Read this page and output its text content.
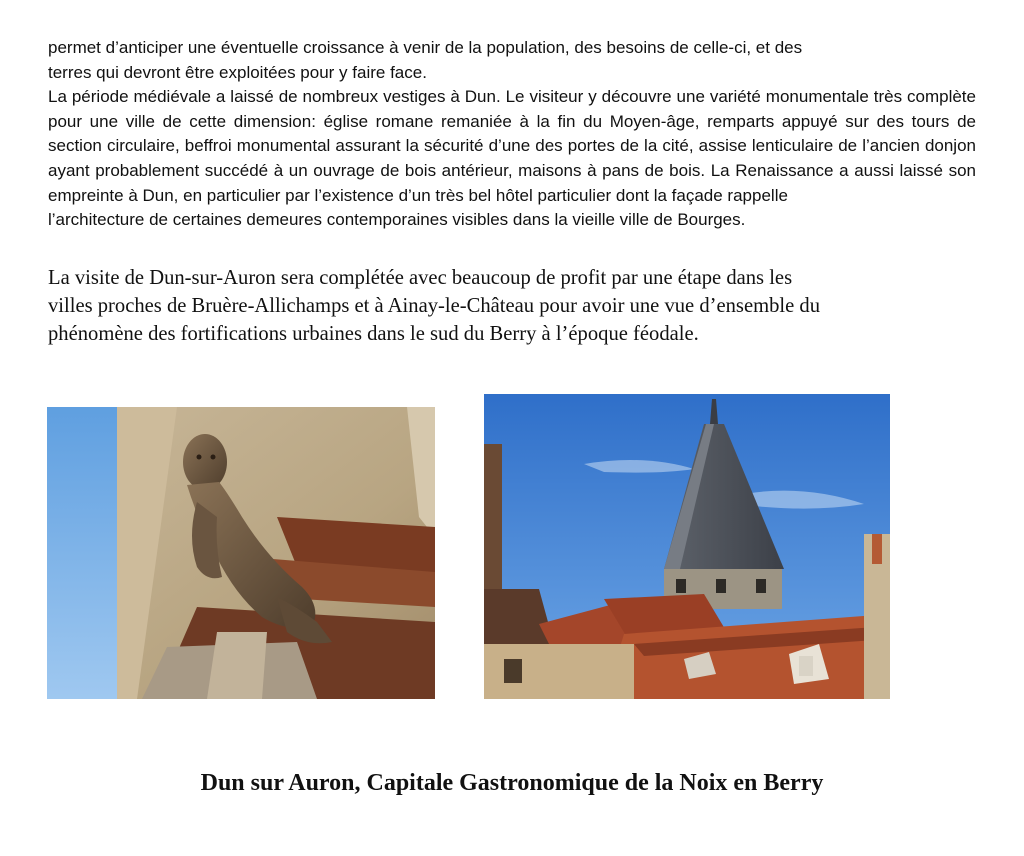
permet d’anticiper une éventuelle croissance à venir de la population, des besoins de celle-ci, et des
terres qui devront être exploitées pour y faire face.

La période médiévale a laissé de nombreux vestiges à Dun. Le visiteur y découvre une variété monumentale très complète pour une ville de cette dimension: église romane remaniée à la fin du Moyen-âge, remparts appuyé sur des tours de section circulaire, beffroi monumental assurant la sécurité d’une des portes de la cité, assise lenticulaire de l’ancien donjon ayant probablement succédé à un ouvrage de bois antérieur, maisons à pans de bois. La Renaissance a aussi laissé son empreinte à Dun, en particulier par l’existence d’un très bel hôtel particulier dont la façade rappelle

l’architecture de certaines demeures contemporaines visibles dans la vieille ville de Bourges.

La visite de Dun-sur-Auron sera complétée avec beaucoup de profit par une étape dans les
villes proches de Bruère-Allichamps et à Ainay-le-Château pour avoir une vue d’ensemble du
phénomène des fortifications urbaines dans le sud du Berry à l’époque féodale.

Dun sur Auron, Capitale Gastronomique de la Noix en Berry
